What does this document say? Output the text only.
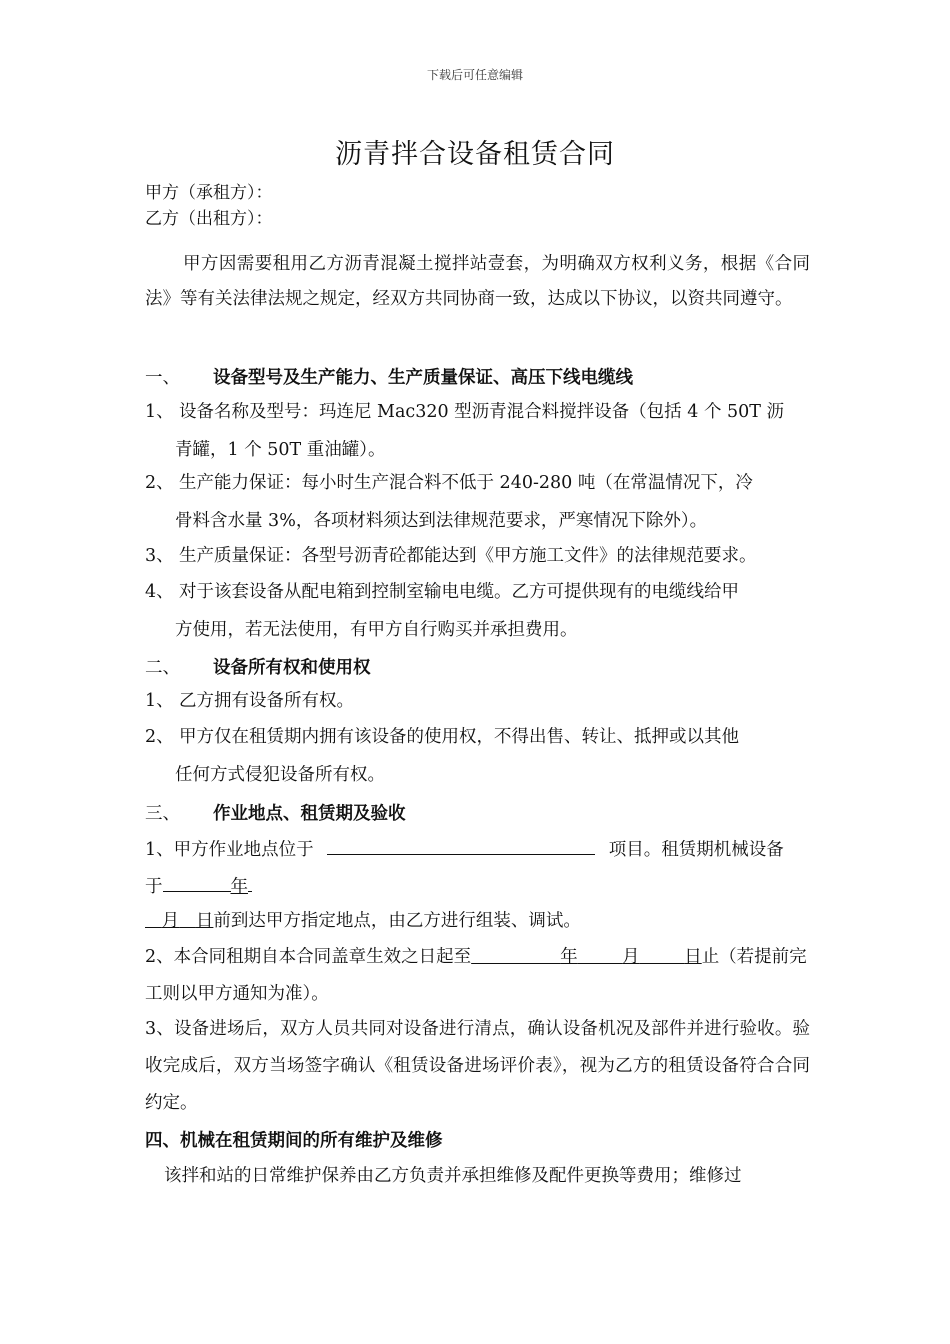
下载后可任意编辑
沥青拌合设备租赁合同
甲方（承租方）：
乙方（出租方）：
甲方因需要租用乙方沥青混凝土搅拌站壹套，为明确双方权利义务，根据《合同法》等有关法律法规之规定，经双方共同协商一致，达成以下协议，以资共同遵守。
一、 设备型号及生产能力、生产质量保证、高压下线电缆线
1、 设备名称及型号：玛连尼 Mac320 型沥青混合料搅拌设备（包括 4 个 50T 沥
青罐，1 个 50T 重油罐）。
2、 生产能力保证：每小时生产混合料不低于 240-280 吨（在常温情况下，冷
骨料含水量 3%，各项材料须达到法律规范要求，严寒情况下除外）。
3、 生产质量保证：各型号沥青砼都能达到《甲方施工文件》的法律规范要求。
4、 对于该套设备从配电箱到控制室输电电缆。乙方可提供现有的电缆线给甲
方使用，若无法使用，有甲方自行购买并承担费用。
二、 设备所有权和使用权
1、 乙方拥有设备所有权。
2、 甲方仅在租赁期内拥有该设备的使用权，不得出售、转让、抵押或以其他
任何方式侵犯设备所有权。
三、 作业地点、租赁期及验收
1、甲方作业地点位于	项目。租赁期机械设备
于	年
月 日前到达甲方指定地点，由乙方进行组装、调试。
2、本合同租期自本合同盖章生效之日起至	年	月	日止（若提前完
工则以甲方通知为准）。
3、设备进场后，双方人员共同对设备进行清点，确认设备机况及部件并进行验收。验收完成后，双方当场签字确认《租赁设备进场评价表》，视为乙方的租赁设备符合合同约定。
四、机械在租赁期间的所有维护及维修
该拌和站的日常维护保养由乙方负责并承担维修及配件更换等费用；维修过
